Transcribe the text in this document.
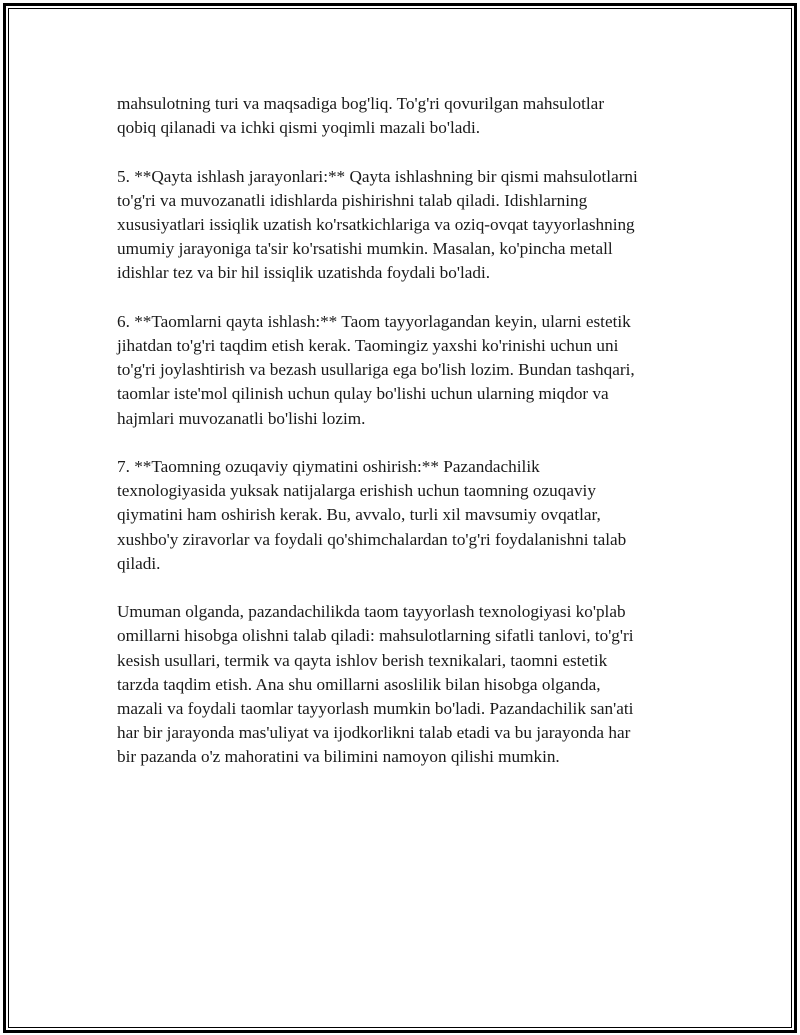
mahsulotning turi va maqsadiga bog'liq. To'g'ri qovurilgan mahsulotlar
qobiq qilanadi va ichki qismi yoqimli mazali bo'ladi.

5. **Qayta ishlash jarayonlari:** Qayta ishlashning bir qismi mahsulotlarni
to'g'ri va muvozanatli idishlarda pishirishni talab qiladi. Idishlarning
xususiyatlari issiqlik uzatish ko'rsatkichlariga va oziq-ovqat tayyorlashning
umumiy jarayoniga ta'sir ko'rsatishi mumkin. Masalan, ko'pincha metall
idishlar tez va bir hil issiqlik uzatishda foydali bo'ladi.

6. **Taomlarni qayta ishlash:** Taom tayyorlagandan keyin, ularni estetik
jihatdan to'g'ri taqdim etish kerak. Taomingiz yaxshi ko'rinishi uchun uni
to'g'ri joylashtirish va bezash usullariga ega bo'lish lozim. Bundan tashqari,
taomlar iste'mol qilinish uchun qulay bo'lishi uchun ularning miqdor va
hajmlari muvozanatli bo'lishi lozim.

7. **Taomning ozuqaviy qiymatini oshirish:** Pazandachilik
texnologiyasida yuksak natijalarga erishish uchun taomning ozuqaviy
qiymatini ham oshirish kerak. Bu, avvalo, turli xil mavsumiy ovqatlar,
xushbo'y ziravorlar va foydali qo'shimchalardan to'g'ri foydalanishni talab
qiladi.

Umuman olganda, pazandachilikda taom tayyorlash texnologiyasi ko'plab
omillarni hisobga olishni talab qiladi: mahsulotlarning sifatli tanlovi, to'g'ri
kesish usullari, termik va qayta ishlov berish texnikalari, taomni estetik
tarzda taqdim etish. Ana shu omillarni asoslilik bilan hisobga olganda,
mazali va foydali taomlar tayyorlash mumkin bo'ladi. Pazandachilik san'ati
har bir jarayonda mas'uliyat va ijodkorlikni talab etadi va bu jarayonda har
bir pazanda o'z mahoratini va bilimini namoyon qilishi mumkin.
